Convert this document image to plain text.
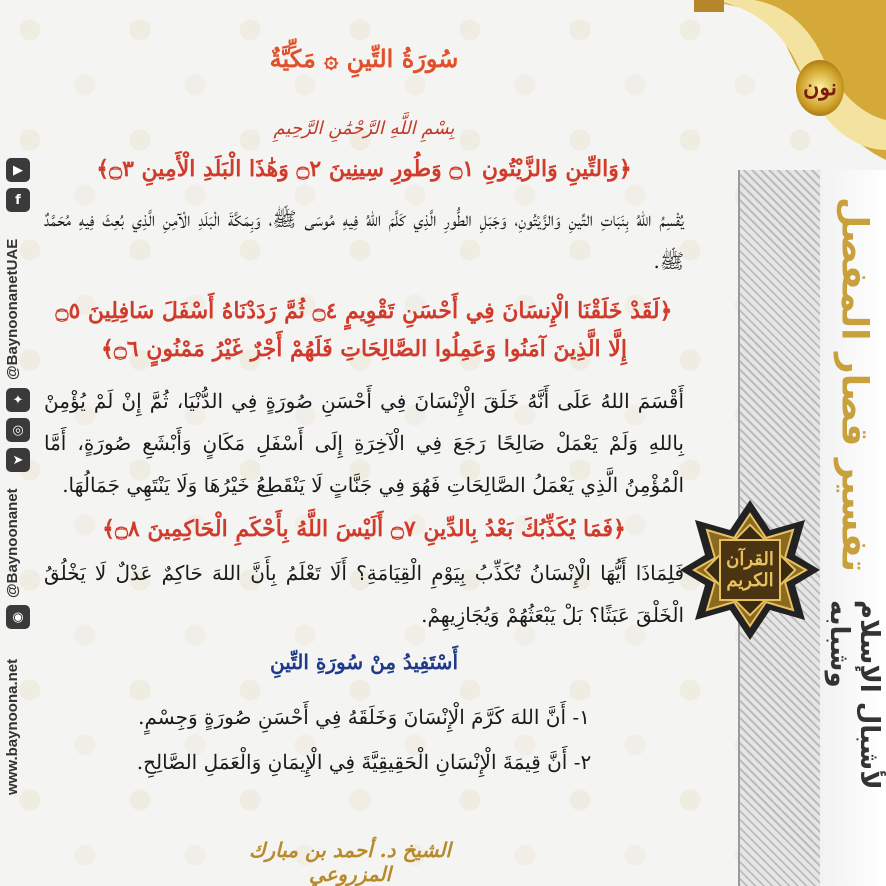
▶
f
@BaynoonanetUAE
✦
◎
➤
@Baynoonanet
◉
www.baynoona.net
نون
تفسير قصار المفصل
لأشبال الإسلام وشبابه
القرآن الكريم
سُورَةُ التِّينِ ۞ مَكِّيَّةٌ
بِسْمِ اللَّهِ الرَّحْمَٰنِ الرَّحِيمِ
﴿وَالتِّينِ وَالزَّيْتُونِ ۝١ وَطُورِ سِينِينَ ۝٢ وَهَٰذَا الْبَلَدِ الْأَمِينِ ۝٣﴾
يُقْسِمُ اللهُ بِنَبَاتِ التِّينِ وَالزَّيْتُونِ، وَجَبَلِ الطُّورِ الَّذِي كَلَّمَ اللهُ فِيهِ مُوسَى ﷺ، وَبِمَكَّةَ الْبَلَدِ الْآمِنِ الَّذِي بُعِثَ فِيهِ مُحَمَّدٌ ﷺ.
﴿لَقَدْ خَلَقْنَا الْإِنسَانَ فِي أَحْسَنِ تَقْوِيمٍ ۝٤ ثُمَّ رَدَدْنَاهُ أَسْفَلَ سَافِلِينَ ۝٥ إِلَّا الَّذِينَ آمَنُوا وَعَمِلُوا الصَّالِحَاتِ فَلَهُمْ أَجْرٌ غَيْرُ مَمْنُونٍ ۝٦﴾
أَقْسَمَ اللهُ عَلَى أَنَّهُ خَلَقَ الْإِنْسَانَ فِي أَحْسَنِ صُورَةٍ فِي الدُّنْيَا، ثُمَّ إِنْ لَمْ يُؤْمِنْ بِاللهِ وَلَمْ يَعْمَلْ صَالِحًا رَجَعَ فِي الْآخِرَةِ إِلَى أَسْفَلِ مَكَانٍ وَأَبْشَعِ صُورَةٍ، أَمَّا الْمُؤْمِنُ الَّذِي يَعْمَلُ الصَّالِحَاتِ فَهُوَ فِي جَنَّاتٍ لَا يَنْقَطِعُ خَيْرُهَا وَلَا يَنْتَهِي جَمَالُهَا.
﴿فَمَا يُكَذِّبُكَ بَعْدُ بِالدِّينِ ۝٧ أَلَيْسَ اللَّهُ بِأَحْكَمِ الْحَاكِمِينَ ۝٨﴾
فَلِمَاذَا أَيُّهَا الْإِنْسَانُ تُكَذِّبُ بِيَوْمِ الْقِيَامَةِ؟ أَلَا تَعْلَمُ بِأَنَّ اللهَ حَاكِمٌ عَدْلٌ لَا يَخْلُقُ الْخَلْقَ عَبَثًا؟ بَلْ يَبْعَثُهُمْ وَيُجَازِيهِمْ.
أَسْتَفِيدُ مِنْ سُورَةِ التِّينِ
١- أَنَّ اللهَ كَرَّمَ الْإِنْسَانَ وَخَلَقَهُ فِي أَحْسَنِ صُورَةٍ وَجِسْمٍ.
٢- أَنَّ قِيمَةَ الْإِنْسَانِ الْحَقِيقِيَّةَ فِي الْإِيمَانِ وَالْعَمَلِ الصَّالِحِ.
الشيخ د. أحمد بن مبارك المزروعي
